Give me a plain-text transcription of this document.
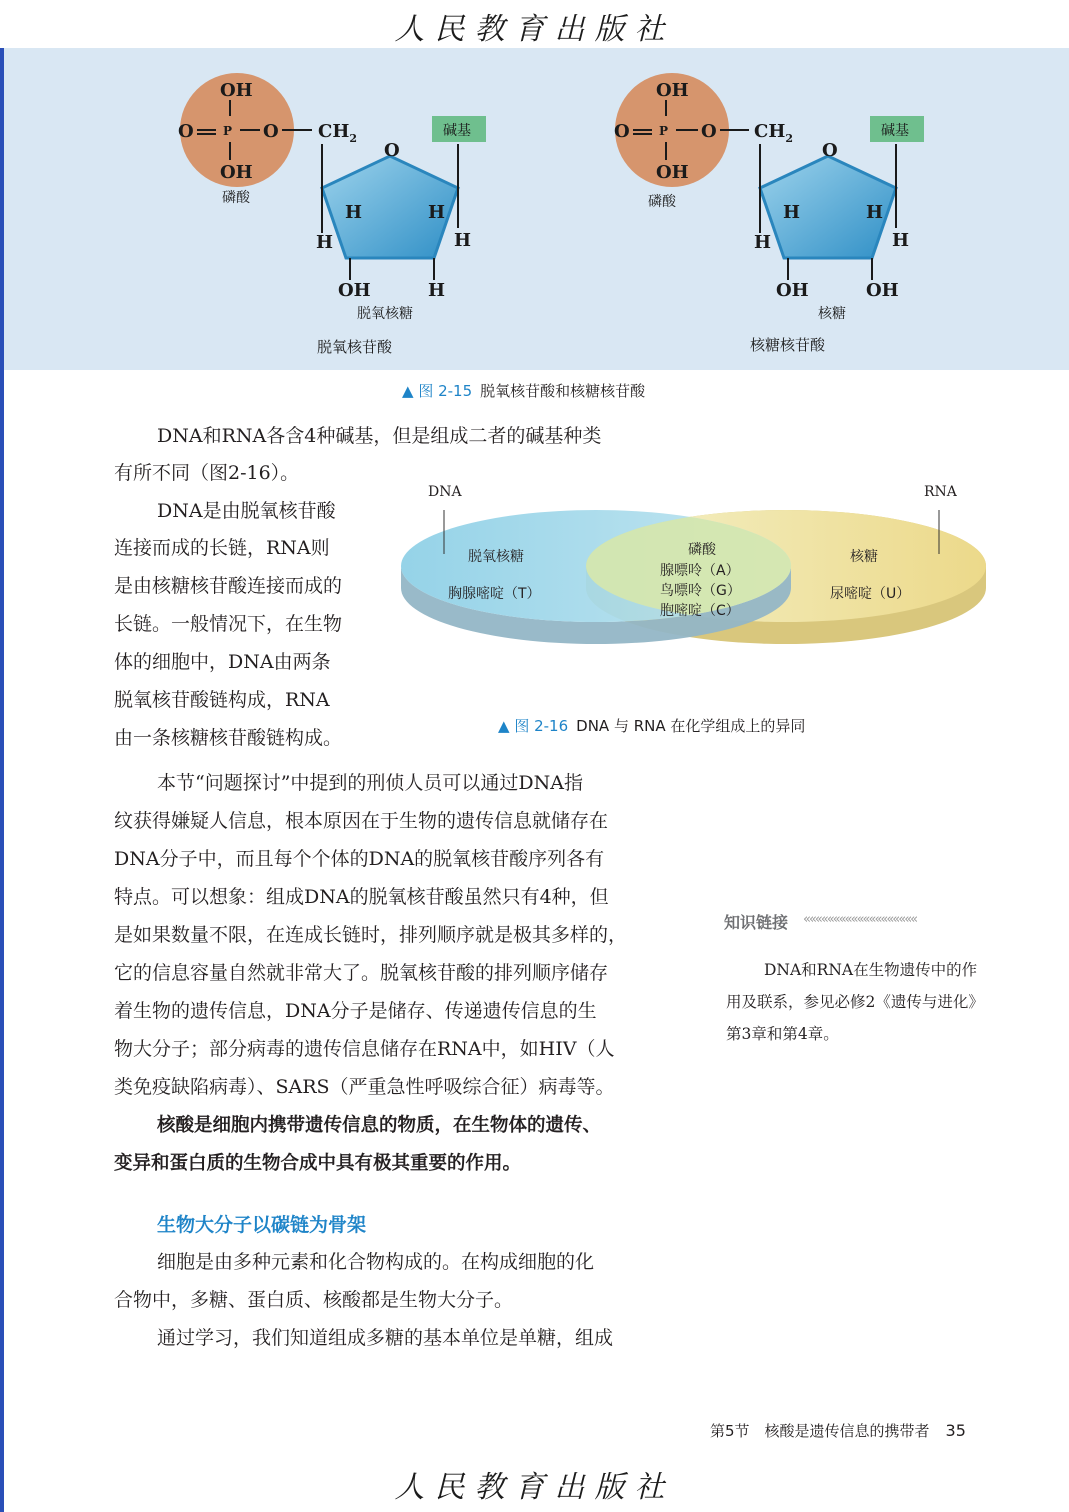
人民教育出版社
OH
O P O $CH_2$
OH
磷酸
碱基
O
H	H
H	H
OH	H
脱氧核糖
脱氧核苷酸
OH
O P O $CH_2$
OH
磷酸
碱基
O
H	H
H	H
OH	OH
核糖
核糖核苷酸
▲ 图 2-15 脱氧核苷酸和核糖核苷酸
DNA和RNA各含4种碱基，但是组成二者的碱基种类
有所不同（图2-16）。
DNA是由脱氧核苷酸
连接而成的长链，RNA则
是由核糖核苷酸连接而成的
长链。一般情况下，在生物
体的细胞中，DNA由两条
脱氧核苷酸链构成，RNA
由一条核糖核苷酸链构成。
DNA	RNA
脱氧核糖
胸腺嘧啶（T）
磷酸
腺嘌呤（A）
鸟嘌呤（G）
胞嘧啶（C）
核糖
尿嘧啶（U）
▲ 图 2-16 DNA 与 RNA 在化学组成上的异同
本节“问题探讨”中提到的刑侦人员可以通过DNA指
纹获得嫌疑人信息，根本原因在于生物的遗传信息就储存在
DNA分子中，而且每个个体的DNA的脱氧核苷酸序列各有
特点。可以想象：组成DNA的脱氧核苷酸虽然只有4种，但
是如果数量不限，在连成长链时，排列顺序就是极其多样的，
它的信息容量自然就非常大了。脱氧核苷酸的排列顺序储存
着生物的遗传信息，DNA分子是储存、传递遗传信息的生
物大分子；部分病毒的遗传信息储存在RNA中，如HIV（人
类免疫缺陷病毒）、SARS（严重急性呼吸综合征）病毒等。
核酸是细胞内携带遗传信息的物质，在生物体的遗传、
变异和蛋白质的生物合成中具有极其重要的作用。
生物大分子以碳链为骨架
细胞是由多种元素和化合物构成的。在构成细胞的化
合物中，多糖、蛋白质、核酸都是生物大分子。
通过学习，我们知道组成多糖的基本单位是单糖，组成
知识链接 «««««««««««««««««««
DNA和RNA在生物遗传中的作用及联系，参见必修2《遗传与进化》第3章和第4章。
第5节　核酸是遗传信息的携带者 35
人民教育出版社
